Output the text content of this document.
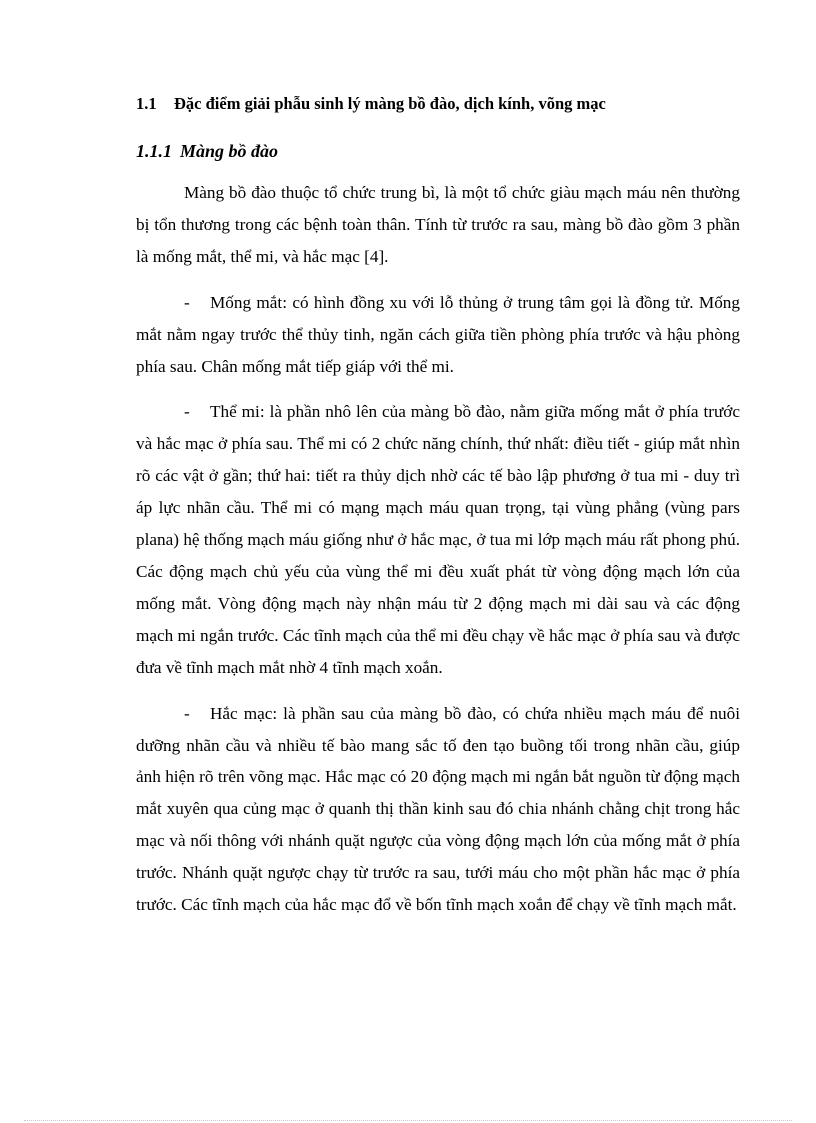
1.1 Đặc điểm giải phẫu sinh lý màng bồ đào, dịch kính, võng mạc
1.1.1 Màng bồ đào

Màng bồ đào thuộc tổ chức trung bì, là một tổ chức giàu mạch máu nên thường bị tổn thương trong các bệnh toàn thân. Tính từ trước ra sau, màng bồ đào gồm 3 phần là mống mắt, thể mi, và hắc mạc [4].

- Mống mắt: có hình đồng xu với lỗ thủng ở trung tâm gọi là đồng tử. Mống mắt nằm ngay trước thể thủy tinh, ngăn cách giữa tiền phòng phía trước và hậu phòng phía sau. Chân mống mắt tiếp giáp với thể mi.

- Thể mi: là phần nhô lên của màng bồ đào, nằm giữa mống mắt ở phía trước và hắc mạc ở phía sau. Thể mi có 2 chức năng chính, thứ nhất: điều tiết - giúp mắt nhìn rõ các vật ở gần; thứ hai: tiết ra thủy dịch nhờ các tế bào lập phương ở tua mi - duy trì áp lực nhãn cầu. Thể mi có mạng mạch máu quan trọng, tại vùng phẳng (vùng pars plana) hệ thống mạch máu giống như ở hắc mạc, ở tua mi lớp mạch máu rất phong phú. Các động mạch chủ yếu của vùng thể mi đều xuất phát từ vòng động mạch lớn của mống mắt. Vòng động mạch này nhận máu từ 2 động mạch mi dài sau và các động mạch mi ngắn trước. Các tĩnh mạch của thể mi đều chạy về hắc mạc ở phía sau và được đưa về tĩnh mạch mắt nhờ 4 tĩnh mạch xoắn.

- Hắc mạc: là phần sau của màng bồ đào, có chứa nhiều mạch máu để nuôi dưỡng nhãn cầu và nhiều tế bào mang sắc tố đen tạo buồng tối trong nhãn cầu, giúp ảnh hiện rõ trên võng mạc. Hắc mạc có 20 động mạch mi ngắn bắt nguồn từ động mạch mắt xuyên qua củng mạc ở quanh thị thần kinh sau đó chia nhánh chằng chịt trong hắc mạc và nối thông với nhánh quặt ngược của vòng động mạch lớn của mống mắt ở phía trước. Nhánh quặt ngược chạy từ trước ra sau, tưới máu cho một phần hắc mạc ở phía trước. Các tĩnh mạch của hắc mạc đổ về bốn tĩnh mạch xoắn để chạy về tĩnh mạch mắt.
